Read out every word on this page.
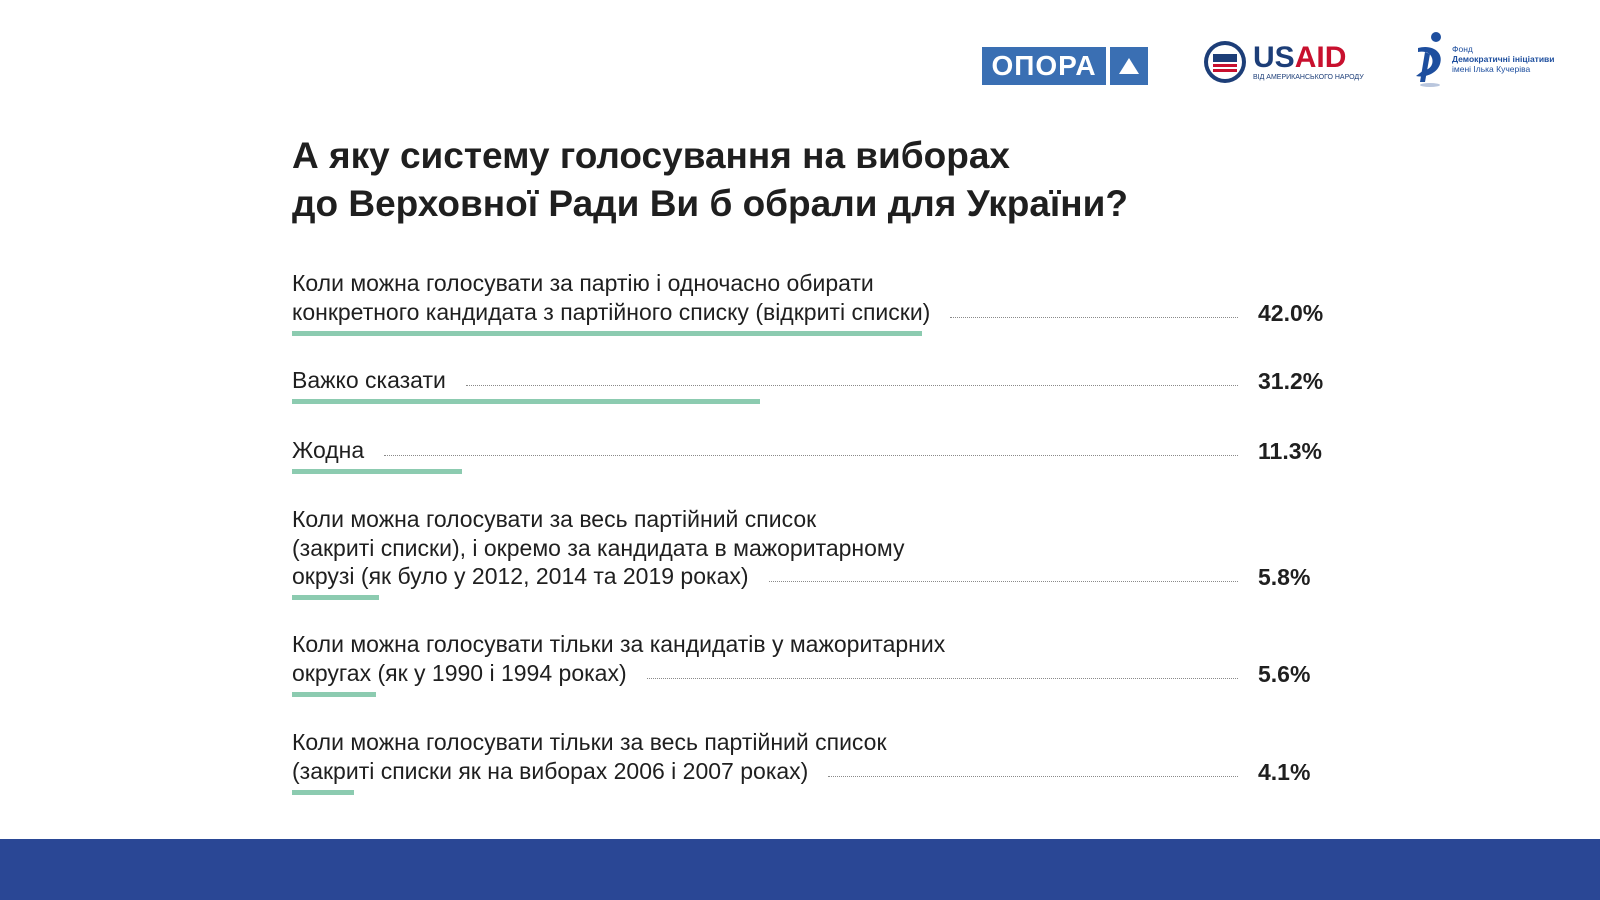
ОПОРА	USAID
ВІД АМЕРИКАНСЬКОГО НАРОДУ
Фонд
Демократичні ініціативи
імені Ілька Кучеріва
А яку систему голосування на виборах
до Верховної Ради Ви б обрали для України?
Коли можна голосувати за партію і одночасно обирати
конкретного кандидата з партійного списку (відкриті списки)	42.0%
Важко сказати	31.2%
Жодна	11.3%
Коли можна голосувати за весь партійний список
(закриті списки), і окремо за кандидата в мажоритарному
окрузі (як було у 2012, 2014 та 2019 роках)	5.8%
Коли можна голосувати тільки за кандидатів у мажоритарних
округах (як у 1990 і 1994 роках)	5.6%
Коли можна голосувати тільки за весь партійний список
(закриті списки як на виборах 2006 і 2007 роках)	4.1%
